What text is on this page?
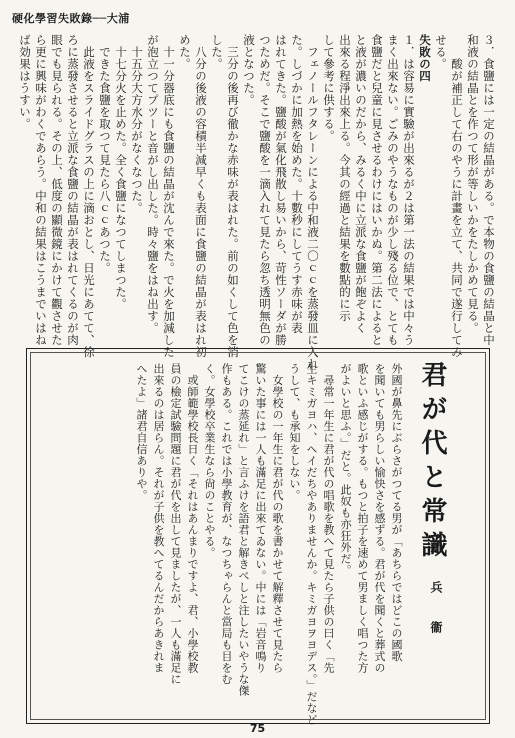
硬化學習失敗錄──大浦
３．食鹽には一定の結晶がある。で本物の食鹽の結晶と中
和液の結晶とを作つて形が等しいかをたしかめて見る。
　　酸が補正して右のやうに計畫を立て、共同で遂行してみ
せる。
失敗の四
１．は容易に實驗が出來るが２は第一法の結果では中々う
まく出來ない。ごみのやうなものが少し殘る位で、とても
食鹽だと兒童に見させるわけにはいかぬ。第二法によると
と液が濃いのだから、みるく中に立派な食鹽が飽ぞよく
出來る程淨出來上る。今其の經過と結果を數點的に示
して參考に供する。
　フェノールフタレーンによる中和液二〇ｃｃを蒸發皿に入れ
た。しづかに加熱を始めた。十數秒にしてうす赤味が表
はれてきた。鹽酸が氣化飛散し易いから、苛性ソーダが勝
つためだ。そこで鹽酸を一滴入れて見たら忽ち透明無色の
液となつた。
　三分の後再び徹かな赤味が表はれた。前の如くして色を消
した。
　八分の後液の容積半減早くも表面に食鹽の結晶が表はれ初
めた。
　十一分器底にも食鹽の結晶が沈んで來た。で火を加減した
が泡立つてプツーと音がし出した。時々鹽をはね出す。
　十五分大方水分がなくなつた。
　十七分火を止めた。全く食鹽になつてしまつた。
　できた食鹽を取つて見たら八ｃｃあつた。
　此液をスライドグラスの上に滴おとし、日光にあてて、徐
ろに蒸發させると立派な食鹽の結晶が表はれてくるのが肉
眼でも見られる。その上、低度の顯微鏡にかけて觀させた
ら更に興味がわくであらう。中和の結果はこうまでいはね
ば効果はうすい。
君が代と常識
新　兵　衞
外國が鼻先にぶらさがつてる男が「あちらではどこの國歌
を聞いても男らしい愉快さを感ずる。君が代を聞くと葬式の
歌といふ感じがする。もつと拍子を速めて男ましく唱つた方
がよいと思ふ。」だと。此奴も亦狂外だ。
　尋常一年生に君が代の唱歌を教へて見たら子供の曰く「先
生キミガヨハ、ヘイだちやありませんか。キミガヨヲヨデス。」だなど
うして、も承知をしない。
　女學校の一年生に君が代の歌を書かせて解釋させて見たら
驚いた事には一人も滿足に出來てゐない。中には「岩音鳴り
てこけの蒸延れ」と言ふけを語君と解きべしと注したいやうな傑
作もある。これでは小學教育が、なつちゃらんと當局も目をむ
く。女學校卒業生なら尙のことやる。
　或師範學校長日く「それはあんまりですよ、君、小學校教
員の檢定試驗問題に君が代を出して見ましたが、一人も滿足に
出來るのは居らん。それが子供を教へてるんだからあきれま
へたよ」諸君自信ありや。
75
